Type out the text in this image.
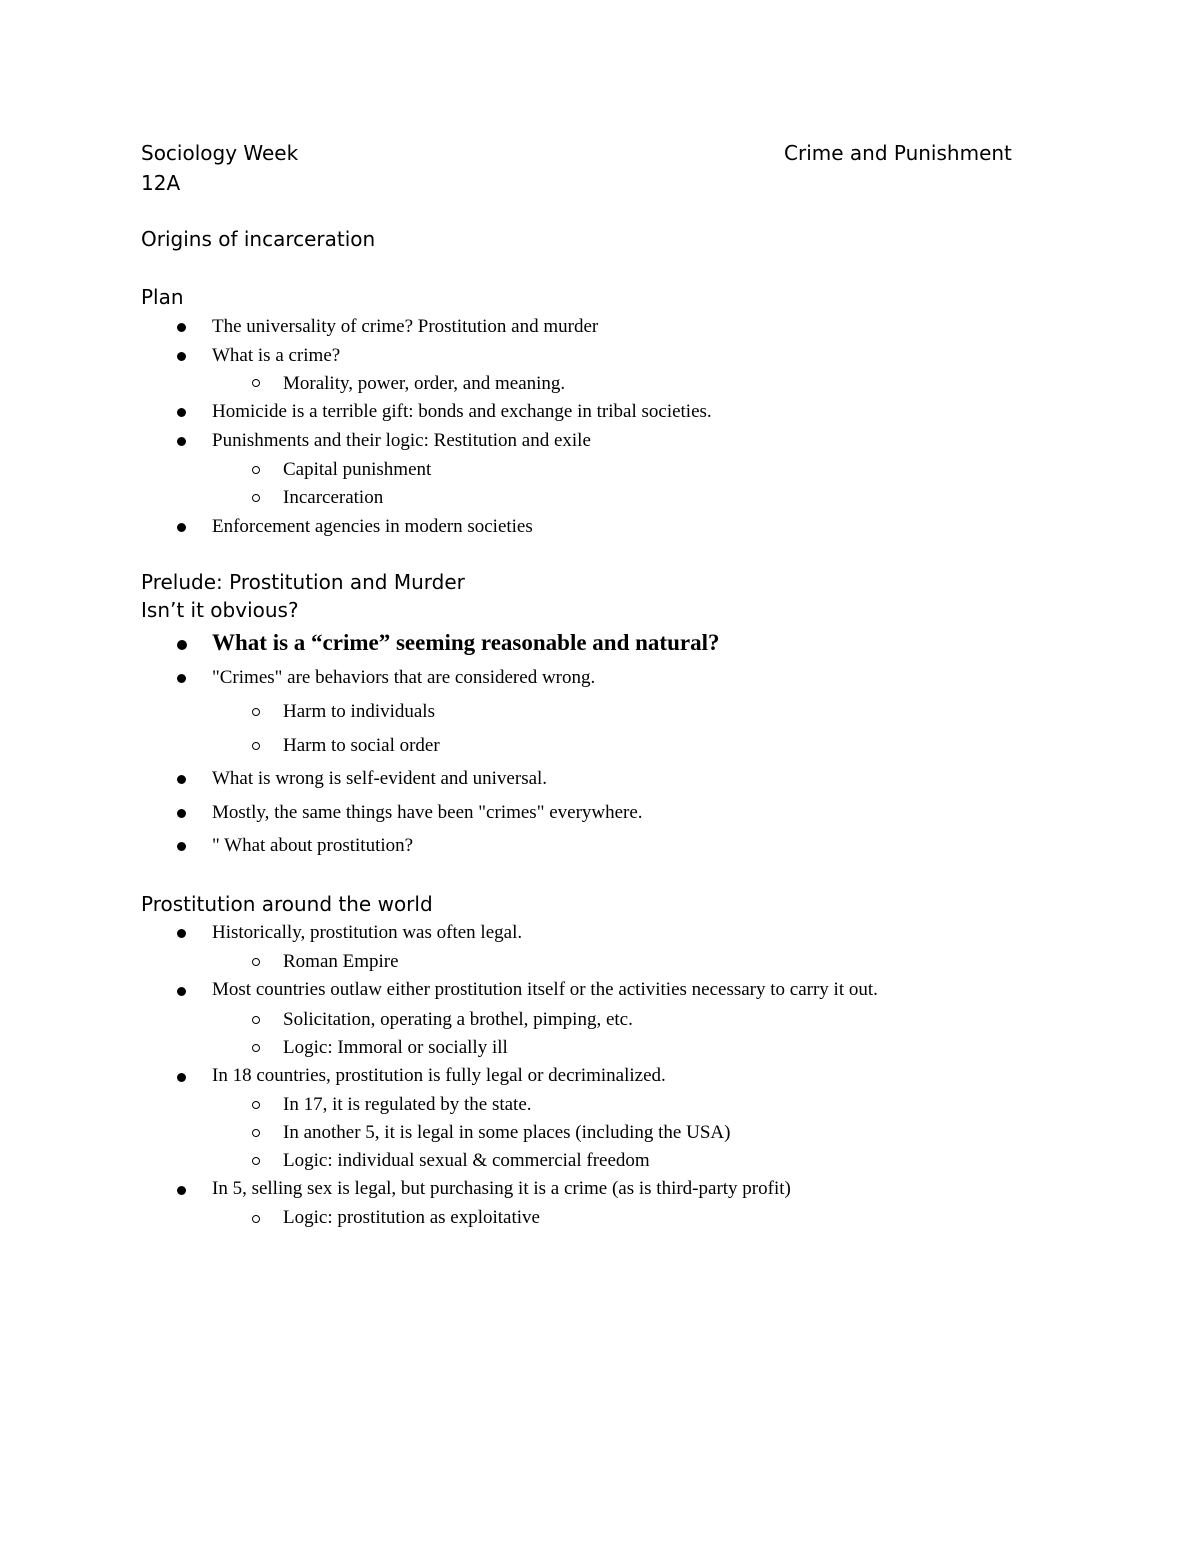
Sociology Week
12A
Crime and Punishment
Origins of incarceration
Plan
The universality of crime? Prostitution and murder
What is a crime?
Morality, power, order, and meaning.
Homicide is a terrible gift: bonds and exchange in tribal societies.
Punishments and their logic: Restitution and exile
Capital punishment
Incarceration
Enforcement agencies in modern societies
Prelude: Prostitution and Murder
Isn’t it obvious?
What is a “crime” seeming reasonable and natural?
"Crimes" are behaviors that are considered wrong.
Harm to individuals
Harm to social order
What is wrong is self-evident and universal.
Mostly, the same things have been "crimes" everywhere.
" What about prostitution?
Prostitution around the world
Historically, prostitution was often legal.
Roman Empire
Most countries outlaw either prostitution itself or the activities necessary to carry it out.
Solicitation, operating a brothel, pimping, etc.
Logic: Immoral or socially ill
In 18 countries, prostitution is fully legal or decriminalized.
In 17, it is regulated by the state.
In another 5, it is legal in some places (including the USA)
Logic: individual sexual & commercial freedom
In 5, selling sex is legal, but purchasing it is a crime (as is third-party profit)
Logic: prostitution as exploitative
